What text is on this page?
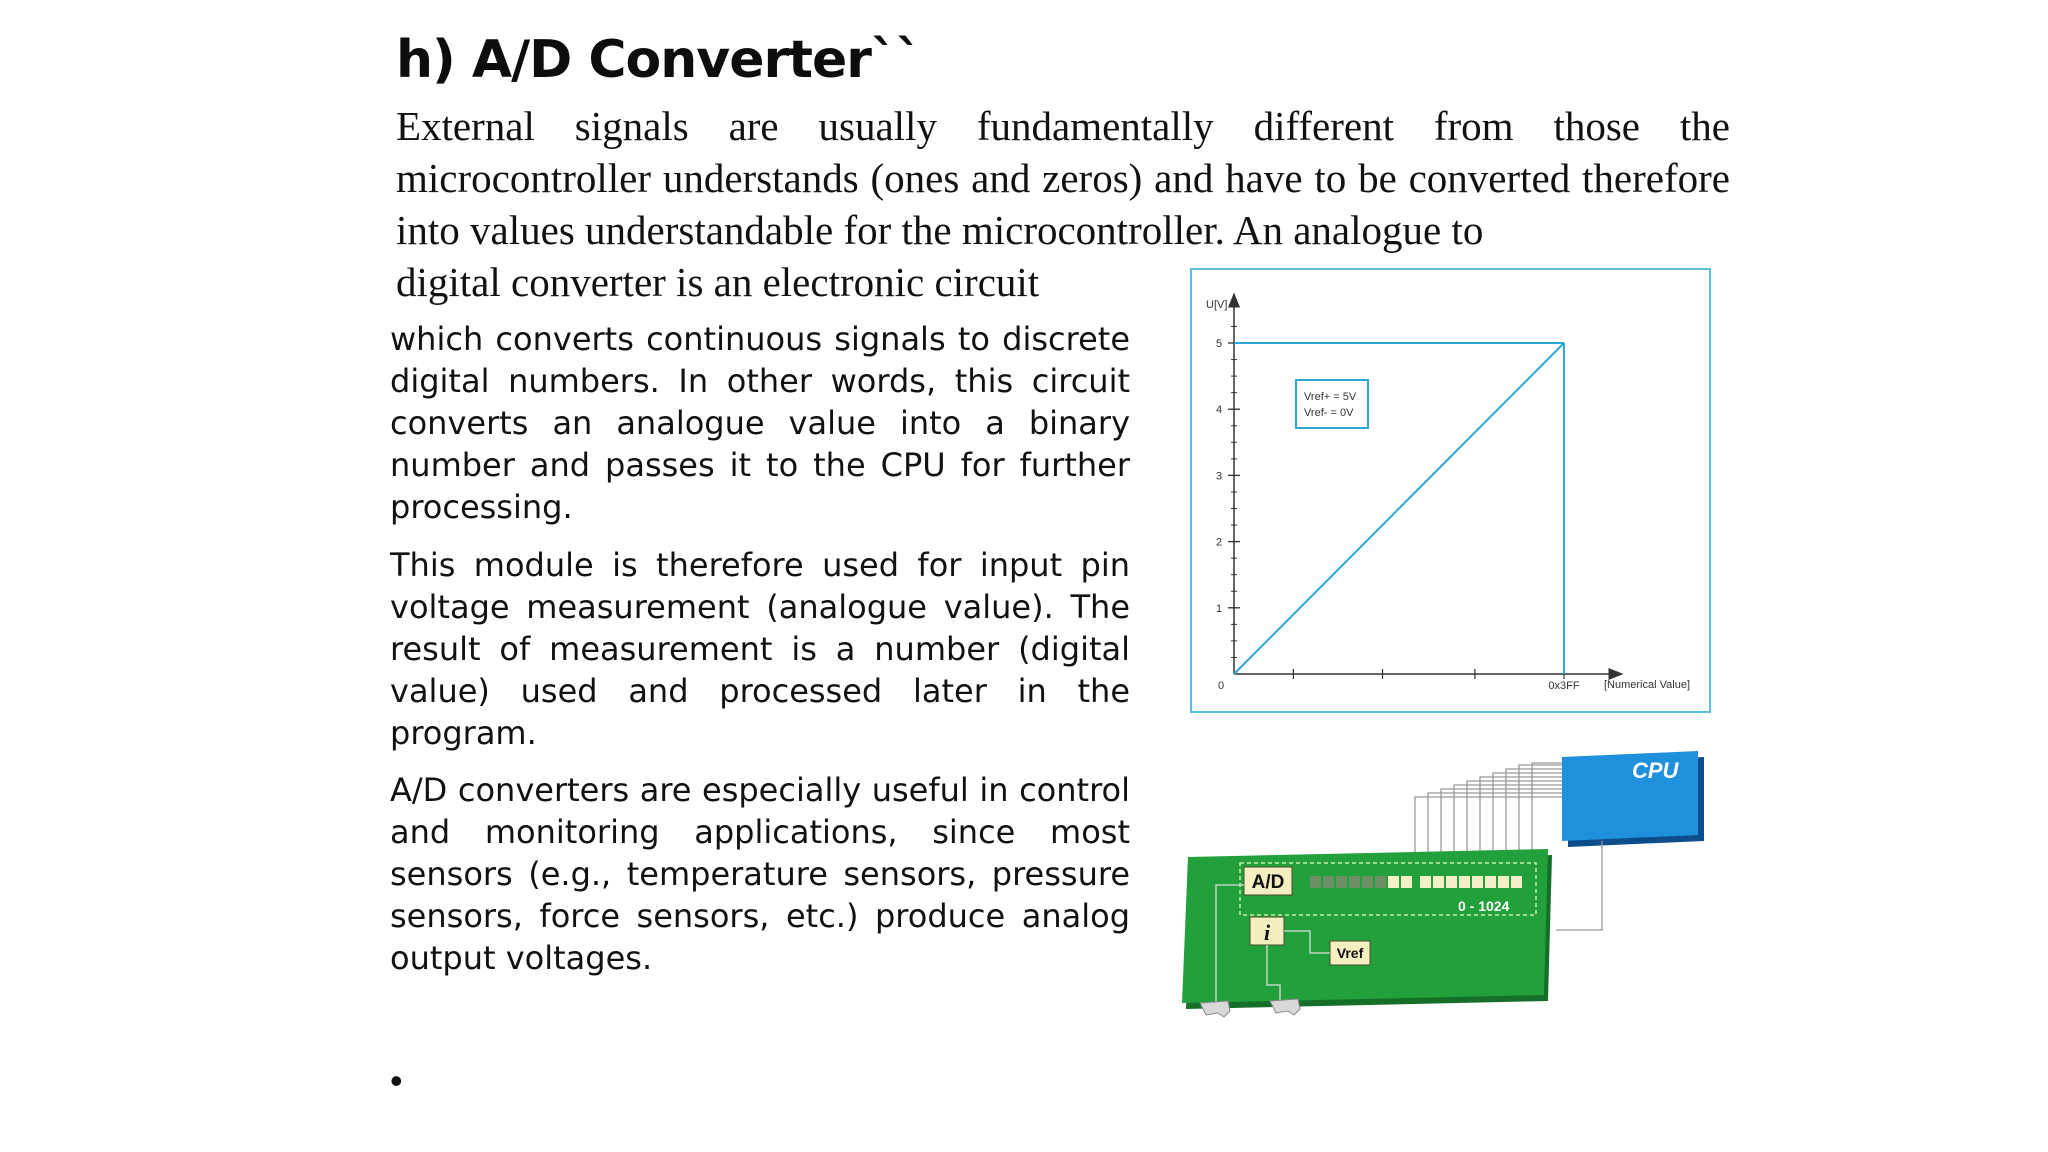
h) A/D Converter``

External signals are usually fundamentally different from those the microcontroller understands (ones and zeros) and have to be converted therefore into values understandable for the microcontroller. An analogue to

digital converter is an electronic circuit

which converts continuous signals to discrete digital numbers. In other words, this circuit converts an analogue value into a binary number and passes it to the CPU for further processing.

This module is therefore used for input pin voltage measurement (analogue value). The result of measurement is a number (digital value) used and processed later in the program.

A/D converters are especially useful in control and monitoring applications, since most sensors (e.g., temperature sensors, pressure sensors, force sensors, etc.) produce analog output voltages.

•
1
2
3
4
5
U[V]
0	0x3FF [Numerical Value]
Vref+ = 5V
Vref- = 0V
CPU
A/D
0 - 1024
i
Vref
